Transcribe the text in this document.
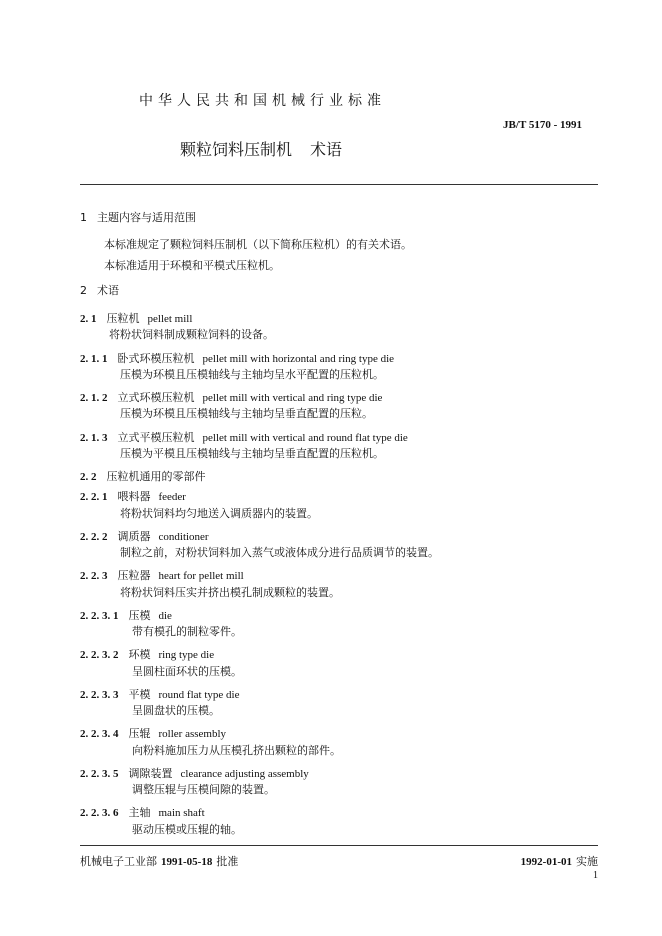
中华人民共和国机械行业标准
JB/T 5170 - 1991
颗粒饲料压制机 术语
1 主题内容与适用范围
本标准规定了颗粒饲料压制机（以下简称压粒机）的有关术语。
本标准适用于环模和平模式压粒机。
2 术语
2. 1 压粒机 pellet mill
将粉状饲料制成颗粒饲料的设备。
2. 1. 1 卧式环模压粒机 pellet mill with horizontal and ring type die
压模为环模且压模轴线与主轴均呈水平配置的压粒机。
2. 1. 2 立式环模压粒机 pellet mill with vertical and ring type die
压模为环模且压模轴线与主轴均呈垂直配置的压粒。
2. 1. 3 立式平模压粒机 pellet mill with vertical and round flat type die
压模为平模且压模轴线与主轴均呈垂直配置的压粒机。
2. 2 压粒机通用的零部件
2. 2. 1 喂料器 feeder
将粉状饲料均匀地送入调质器内的装置。
2. 2. 2 调质器 conditioner
制粒之前，对粉状饲料加入蒸气或液体成分进行品质调节的装置。
2. 2. 3 压粒器 heart for pellet mill
将粉状饲料压实并挤出模孔制成颗粒的装置。
2. 2. 3. 1 压模 die
带有模孔的制粒零件。
2. 2. 3. 2 环模 ring type die
呈圆柱面环状的压模。
2. 2. 3. 3 平模 round flat type die
呈圆盘状的压模。
2. 2. 3. 4 压辊 roller assembly
向粉料施加压力从压模孔挤出颗粒的部件。
2. 2. 3. 5 调隙装置 clearance adjusting assembly
调整压辊与压模间隙的装置。
2. 2. 3. 6 主轴 main shaft
驱动压模或压辊的轴。
机械电子工业部 1991-05-18 批准	1992-01-01 实施
1
